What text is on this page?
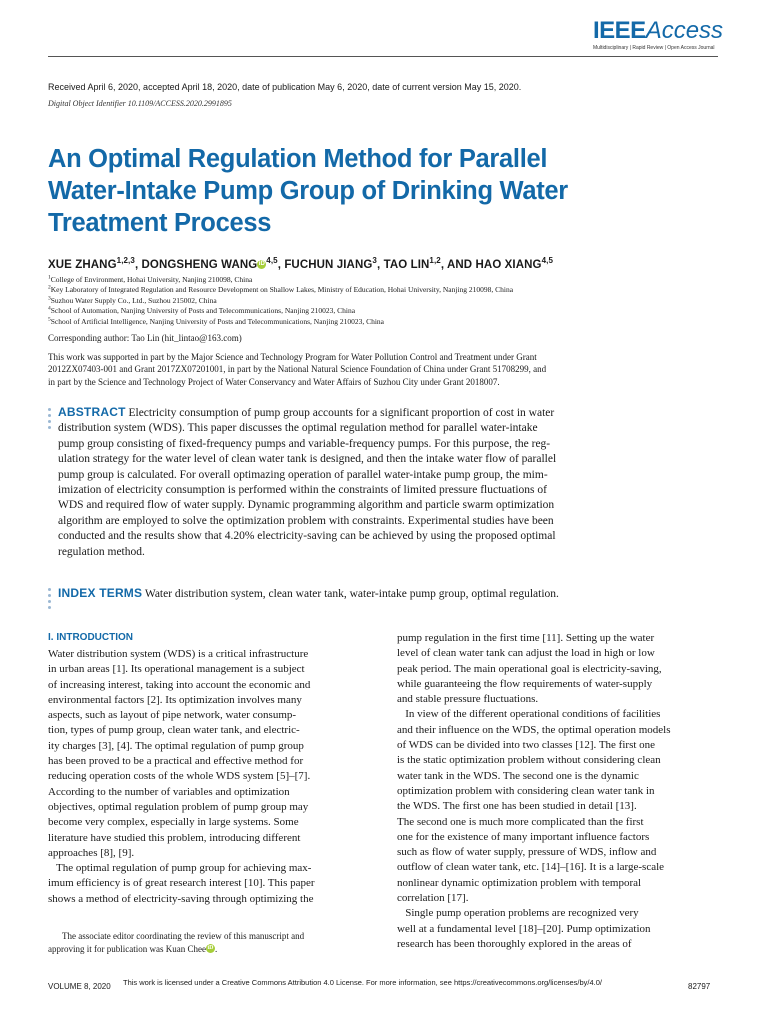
IEEEAccess
Multidisciplinary | Rapid Review | Open Access Journal
Received April 6, 2020, accepted April 18, 2020, date of publication May 6, 2020, date of current version May 15, 2020.
Digital Object Identifier 10.1109/ACCESS.2020.2991895
An Optimal Regulation Method for Parallel
Water-Intake Pump Group of Drinking Water
Treatment Process
XUE ZHANG$^{1,2,3}$, DONGSHENG WANGiD$^{4,5}$, FUCHUN JIANG$^3$, TAO LIN$^{1,2}$, AND HAO XIANG$^{4,5}$
$^1$College of Environment, Hohai University, Nanjing 210098, China
$^2$Key Laboratory of Integrated Regulation and Resource Development on Shallow Lakes, Ministry of Education, Hohai University, Nanjing 210098, China
$^3$Suzhou Water Supply Co., Ltd., Suzhou 215002, China
$^4$School of Automation, Nanjing University of Posts and Telecommunications, Nanjing 210023, China
$^5$School of Artificial Intelligence, Nanjing University of Posts and Telecommunications, Nanjing 210023, China
Corresponding author: Tao Lin (hit_lintao@163.com)
This work was supported in part by the Major Science and Technology Program for Water Pollution Control and Treatment under Grant
2012ZX07403-001 and Grant 2017ZX07201001, in part by the National Natural Science Foundation of China under Grant 51708299, and
in part by the Science and Technology Project of Water Conservancy and Water Affairs of Suzhou City under Grant 2018007.
ABSTRACT Electricity consumption of pump group accounts for a significant proportion of cost in water
distribution system (WDS). This paper discusses the optimal regulation method for parallel water-intake
pump group consisting of fixed-frequency pumps and variable-frequency pumps. For this purpose, the reg-
ulation strategy for the water level of clean water tank is designed, and then the intake water flow of parallel
pump group is calculated. For overall optimazing operation of parallel water-intake pump group, the mim-
imization of electricity consumption is performed within the constraints of limited pressure fluctuations of
WDS and required flow of water supply. Dynamic programming algorithm and particle swarm optimization
algorithm are employed to solve the optimization problem with constraints. Experimental studies have been
conducted and the results show that 4.20% electricity-saving can be achieved by using the proposed optimal
regulation method.
INDEX TERMS Water distribution system, clean water tank, water-intake pump group, optimal regulation.
I. INTRODUCTION
Water distribution system (WDS) is a critical infrastructure
in urban areas [1]. Its operational management is a subject
of increasing interest, taking into account the economic and
environmental factors [2]. Its optimization involves many
aspects, such as layout of pipe network, water consump-
tion, types of pump group, clean water tank, and electric-
ity charges [3], [4]. The optimal regulation of pump group
has been proved to be a practical and effective method for
reducing operation costs of the whole WDS system [5]–[7].
According to the number of variables and optimization
objectives, optimal regulation problem of pump group may
become very complex, especially in large systems. Some
literature have studied this problem, introducing different
approaches [8], [9].
The optimal regulation of pump group for achieving max-
imum efficiency is of great research interest [10]. This paper
shows a method of electricity-saving through optimizing the
pump regulation in the first time [11]. Setting up the water
level of clean water tank can adjust the load in high or low
peak period. The main operational goal is electricity-saving,
while guaranteeing the flow requirements of water-supply
and stable pressure fluctuations.
In view of the different operational conditions of facilities
and their influence on the WDS, the optimal operation models
of WDS can be divided into two classes [12]. The first one
is the static optimization problem without considering clean
water tank in the WDS. The second one is the dynamic
optimization problem with considering clean water tank in
the WDS. The first one has been studied in detail [13].
The second one is much more complicated than the first
one for the existence of many important influence factors
such as flow of water supply, pressure of WDS, inflow and
outflow of clean water tank, etc. [14]–[16]. It is a large-scale
nonlinear dynamic optimization problem with temporal
correlation [17].
Single pump operation problems are recognized very
well at a fundamental level [18]–[20]. Pump optimization
research has been thoroughly explored in the areas of
The associate editor coordinating the review of this manuscript and
approving it for publication was Kuan Chee iD .
VOLUME 8, 2020 This work is licensed under a Creative Commons Attribution 4.0 License. For more information, see https://creativecommons.org/licenses/by/4.0/	82797
